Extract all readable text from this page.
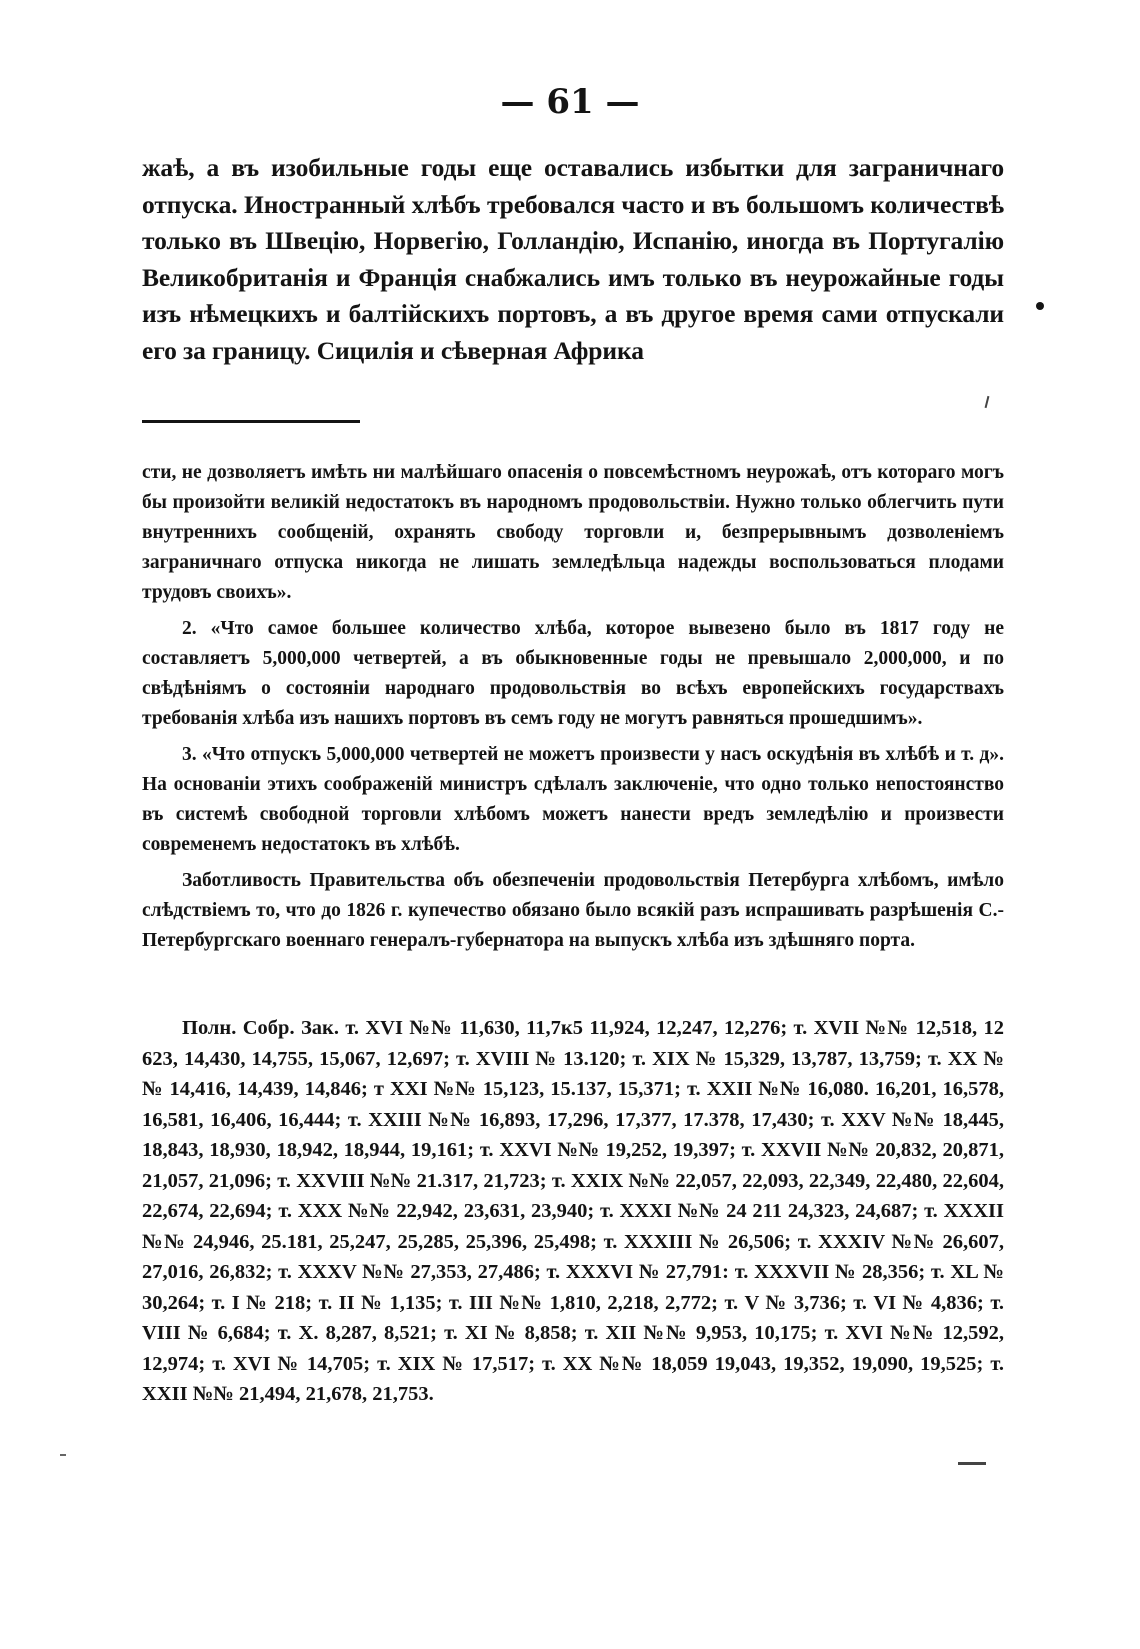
— 61 —
жаѣ, а въ изобильные годы еще оставались избытки для заграничнаго отпуска. Иностранный хлѣбъ требовался часто и въ большомъ количествѣ только въ Швецію, Норвегію, Голландію, Испанію, иногда въ Португалію Великобританія и Франція снабжались имъ только въ неурожайные годы изъ нѣмецкихъ и балтійскихъ портовъ, а въ другое время сами отпускали его за границу. Сицилія и сѣверная Африка

сти, не дозволяетъ имѣть ни малѣйшаго опасенія о повсемѣстномъ неурожаѣ, отъ котораго могъ бы произойти великій недостатокъ въ народномъ продовольствіи. Нужно только облегчить пути внутреннихъ сообщеній, охранять свободу торговли и, безпрерывнымъ дозволеніемъ заграничнаго отпуска никогда не лишать земледѣльца надежды воспользоваться плодами трудовъ своихъ».

2. «Что самое большее количество хлѣба, которое вывезено было въ 1817 году не составляетъ 5,000,000 четвертей, а въ обыкновенные годы не превышало 2,000,000, и по свѣдѣніямъ о состояніи народнаго продовольствія во всѣхъ европейскихъ государствахъ требованія хлѣба изъ нашихъ портовъ въ семъ году не могутъ равняться прошедшимъ».

3. «Что отпускъ 5,000,000 четвертей не можетъ произвести у насъ оскудѣнія въ хлѣбѣ и т. д». На основаніи этихъ соображеній министръ сдѣлалъ заключеніе, что одно только непостоянство въ системѣ свободной торговли хлѣбомъ можетъ нанести вредъ земледѣлію и произвести современемъ недостатокъ въ хлѣбѣ.

Заботливость Правительства объ обезпеченіи продовольствія Петербурга хлѣбомъ, имѣло слѣдствіемъ то, что до 1826 г. купечество обязано было всякій разъ испрашивать разрѣшенія С.-Петербургскаго военнаго генералъ-губернатора на выпускъ хлѣба изъ здѣшняго порта.

Полн. Собр. Зак. т. XVI №№ 11,630, 11,7к5 11,924, 12,247, 12,276; т. XVII №№ 12,518, 12 623, 14,430, 14,755, 15,067, 12,697; т. XVIII № 13.120; т. XIX № 15,329, 13,787, 13,759; т. XX №№ 14,416, 14,439, 14,846; т XXI №№ 15,123, 15.137, 15,371; т. XXII №№ 16,080. 16,201, 16,578, 16,581, 16,406, 16,444; т. XXIII №№ 16,893, 17,296, 17,377, 17.378, 17,430; т. XXV №№ 18,445, 18,843, 18,930, 18,942, 18,944, 19,161; т. XXVI №№ 19,252, 19,397; т. XXVII №№ 20,832, 20,871, 21,057, 21,096; т. XXVIII №№ 21.317, 21,723; т. XXIX №№ 22,057, 22,093, 22,349, 22,480, 22,604, 22,674, 22,694; т. XXX №№ 22,942, 23,631, 23,940; т. XXXI №№ 24 211 24,323, 24,687; т. XXXII №№ 24,946, 25.181, 25,247, 25,285, 25,396, 25,498; т. XXXIII № 26,506; т. XXXIV №№ 26,607, 27,016, 26,832; т. XXXV №№ 27,353, 27,486; т. XXXVI № 27,791: т. XXXVII № 28,356; т. XL № 30,264; т. I № 218; т. II № 1,135; т. III №№ 1,810, 2,218, 2,772; т. V № 3,736; т. VI № 4,836; т. VIII № 6,684; т. X. 8,287, 8,521; т. XI № 8,858; т. XII №№ 9,953, 10,175; т. XVI №№ 12,592, 12,974; т. XVI № 14,705; т. XIX № 17,517; т. XX №№ 18,059 19,043, 19,352, 19,090, 19,525; т. XXII №№ 21,494, 21,678, 21,753.
